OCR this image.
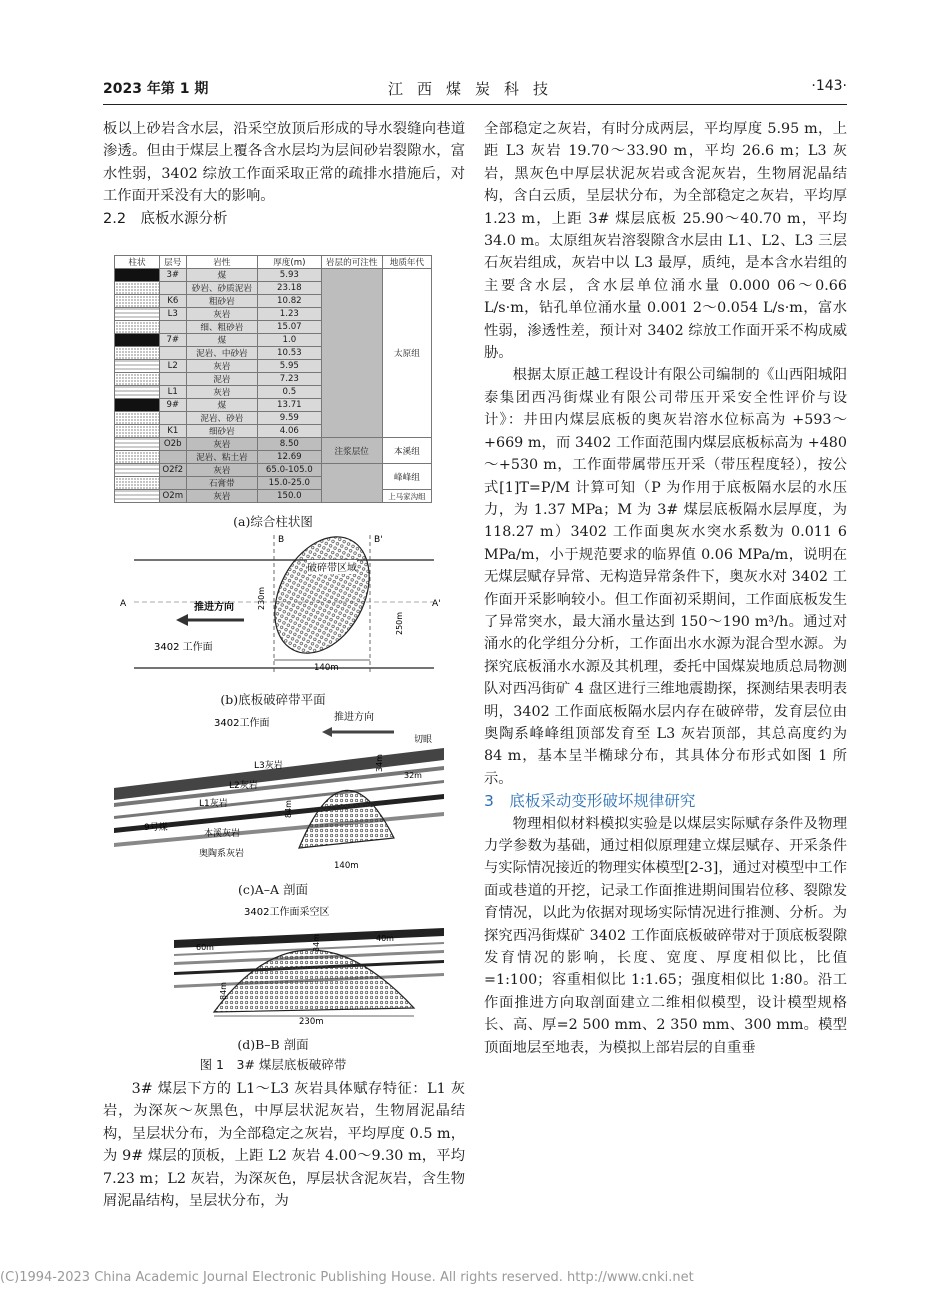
2023 年第 1 期	江西煤炭科技	·143·

板以上砂岩含水层，沿采空放顶后形成的导水裂缝向巷道渗透。但由于煤层上覆各含水层均为层间砂岩裂隙水，富水性弱，3402 综放工作面采取正常的疏排水措施后，对工作面开采没有大的影响。

2.2　底板水源分析

柱状	层号	岩性	厚度(m)	岩层的可注性	地质年代
	3#	煤	5.93		太原组
		砂岩、砂质泥岩	23.18		
	K6	粗砂岩	10.82		
	L3	灰岩	1.23		
		细、粗砂岩	15.07		
	7#	煤	1.0		
		泥岩、中砂岩	10.53		
	L2	灰岩	5.95		
		泥岩	7.23		
	L1	灰岩	0.5		
	9#	煤	13.71		
		泥岩、砂岩	9.59		
	K1	细砂岩	4.06		
	O2b	灰岩	8.50	注浆层位	本溪组
		泥岩、粘土岩	12.69		
	O2f2	灰岩	65.0-105.0		峰峰组
		石膏带	15.0-25.0		
	O2m	灰岩	150.0		上马家沟组
(a)综合柱状图
破碎带区域
推进方向
3402 工作面
A	A'
B	B'
140m
230m
250m
(b)底板破碎带平面
3402工作面
推进方向
切眼
L3灰岩
L2灰岩
L1灰岩
9号煤
本溪灰岩
奥陶系灰岩
34m
32m
84m
140m
(c)A–A 剖面
3402工作面采空区
60m
40m
34m
84m
230m
(d)B–B 剖面
图 1　3# 煤层底板破碎带

3# 煤层下方的 L1～L3 灰岩具体赋存特征：L1 灰岩，为深灰～灰黑色，中厚层状泥灰岩，生物屑泥晶结构，呈层状分布，为全部稳定之灰岩，平均厚度 0.5 m，为 9# 煤层的顶板，上距 L2 灰岩 4.00～9.30 m，平均 7.23 m；L2 灰岩，为深灰色，厚层状含泥灰岩，含生物屑泥晶结构，呈层状分布，为

全部稳定之灰岩，有时分成两层，平均厚度 5.95 m，上距 L3 灰岩 19.70～33.90 m，平均 26.6 m；L3 灰岩，黑灰色中厚层状泥灰岩或含泥灰岩，生物屑泥晶结构，含白云质，呈层状分布，为全部稳定之灰岩，平均厚 1.23 m，上距 3# 煤层底板 25.90～40.70 m，平均 34.0 m。太原组灰岩溶裂隙含水层由 L1、L2、L3 三层石灰岩组成，灰岩中以 L3 最厚，质纯，是本含水岩组的主要含水层，含水层单位涌水量 0.000 06～0.66 L/s·m，钻孔单位涌水量 0.001 2～0.054 L/s·m，富水性弱，渗透性差，预计对 3402 综放工作面开采不构成威胁。

根据太原正越工程设计有限公司编制的《山西阳城阳泰集团西冯街煤业有限公司带压开采安全性评价与设计》：井田内煤层底板的奥灰岩溶水位标高为 +593～+669 m，而 3402 工作面范围内煤层底板标高为 +480～+530 m，工作面带属带压开采（带压程度轻），按公式[1]T=P/M 计算可知（P 为作用于底板隔水层的水压力，为 1.37 MPa；M 为 3# 煤层底板隔水层厚度，为 118.27 m）3402 工作面奥灰水突水系数为 0.011 6 MPa/m，小于规范要求的临界值 0.06 MPa/m，说明在无煤层赋存异常、无构造异常条件下，奥灰水对 3402 工作面开采影响较小。但工作面初采期间，工作面底板发生了异常突水，最大涌水量达到 150～190 m³/h。通过对涌水的化学组分分析，工作面出水水源为混合型水源。为探究底板涌水水源及其机理，委托中国煤炭地质总局物测队对西冯街矿 4 盘区进行三维地震勘探，探测结果表明表明，3402 工作面底板隔水层内存在破碎带，发育层位由奥陶系峰峰组顶部发育至 L3 灰岩顶部，其总高度约为 84 m，基本呈半椭球分布，其具体分布形式如图 1 所示。

3　底板采动变形破坏规律研究

物理相似材料模拟实验是以煤层实际赋存条件及物理力学参数为基础，通过相似原理建立煤层赋存、开采条件与实际情况接近的物理实体模型[2-3]，通过对模型中工作面或巷道的开挖，记录工作面推进期间围岩位移、裂隙发育情况，以此为依据对现场实际情况进行推测、分析。为探究西冯街煤矿 3402 工作面底板破碎带对于顶底板裂隙发育情况的影响，长度、宽度、厚度相似比，比值=1:100；容重相似比 1:1.65；强度相似比 1:80。沿工作面推进方向取剖面建立二维相似模型，设计模型规格长、高、厚=2 500 mm、2 350 mm、300 mm。模型顶面地层至地表，为模拟上部岩层的自重垂

(C)1994-2023 China Academic Journal Electronic Publishing House. All rights reserved. http://www.cnki.net
